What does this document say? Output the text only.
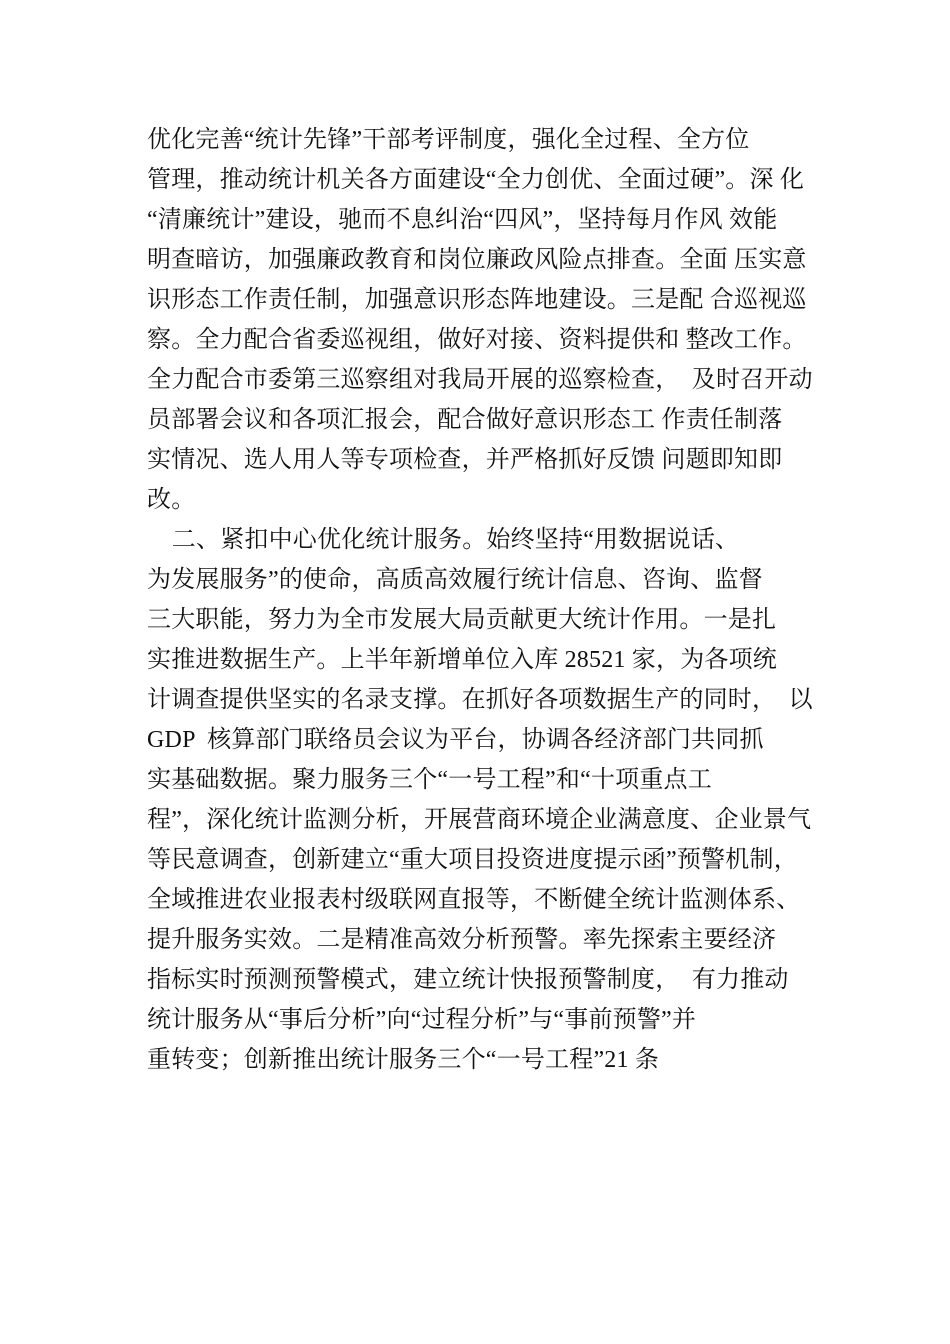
优化完善“统计先锋”干部考评制度，强化全过程、全方位
管理，推动统计机关各方面建设“全力创优、全面过硬”。深 化
“清廉统计”建设，驰而不息纠治“四风”，坚持每月作风 效能
明查暗访，加强廉政教育和岗位廉政风险点排查。全面 压实意
识形态工作责任制，加强意识形态阵地建设。三是配 合巡视巡
察。全力配合省委巡视组，做好对接、资料提供和 整改工作。
全力配合市委第三巡察组对我局开展的巡察检查，  及时召开动
员部署会议和各项汇报会，配合做好意识形态工 作责任制落
实情况、选人用人等专项检查，并严格抓好反馈 问题即知即
改。
二、紧扣中心优化统计服务。始终坚持“用数据说话、
为发展服务”的使命，高质高效履行统计信息、咨询、监督
三大职能，努力为全市发展大局贡献更大统计作用。一是扎
实推进数据生产。上半年新增单位入库 28521 家，为各项统
计调查提供坚实的名录支撑。在抓好各项数据生产的同时，  以
GDP  核算部门联络员会议为平台，协调各经济部门共同抓
实基础数据。聚力服务三个“一号工程”和“十项重点工
程”，深化统计监测分析，开展营商环境企业满意度、企业景气
等民意调查，创新建立“重大项目投资进度提示函”预警机制，
全域推进农业报表村级联网直报等，不断健全统计监测体系、
提升服务实效。二是精准高效分析预警。率先探索主要经济
指标实时预测预警模式，建立统计快报预警制度，  有力推动
统计服务从“事后分析”向“过程分析”与“事前预警”并
重转变；创新推出统计服务三个“一号工程”21 条
